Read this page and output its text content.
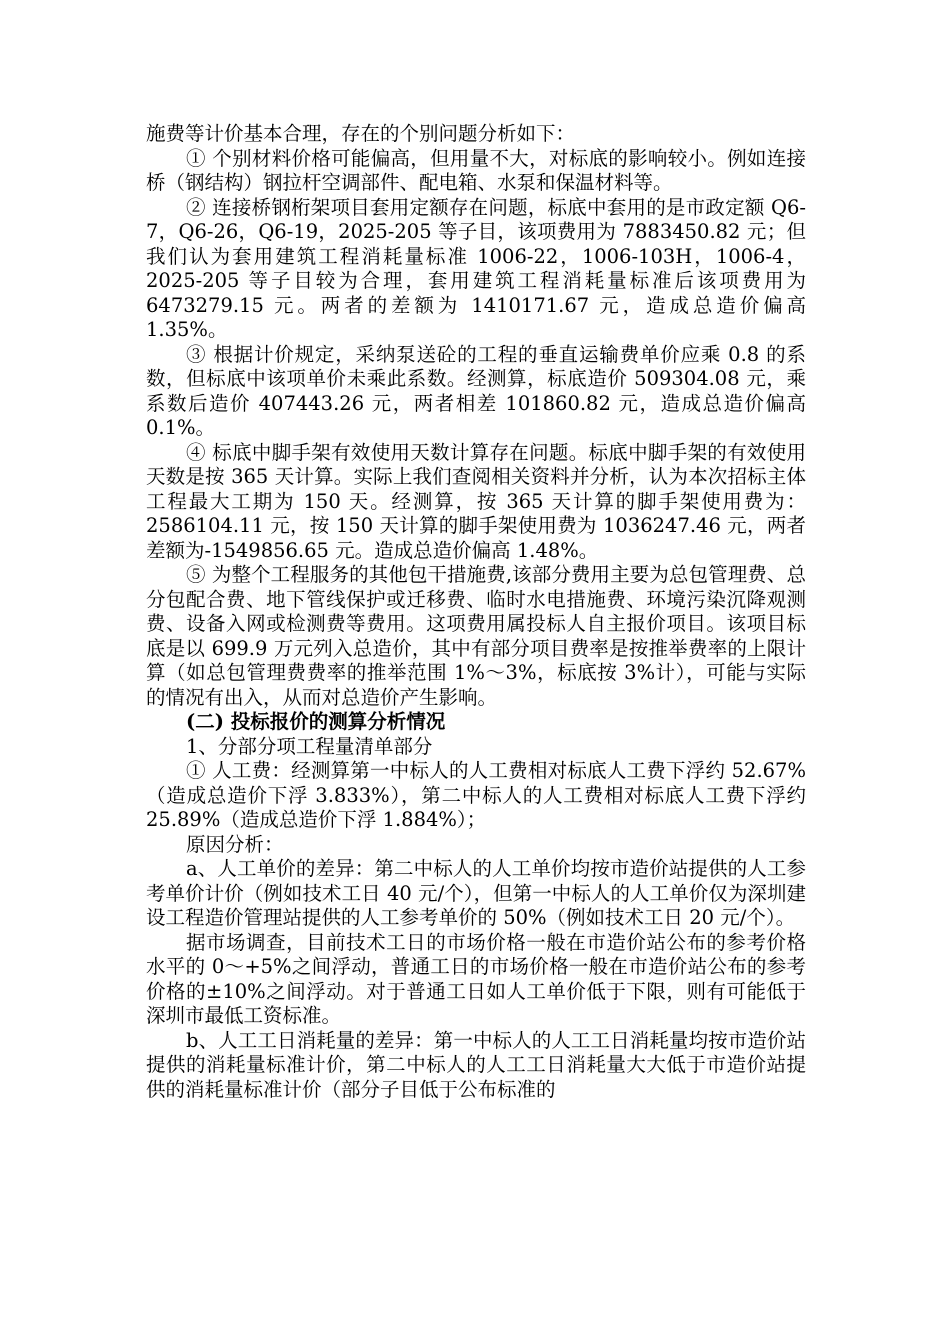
施费等计价基本合理，存在的个别问题分析如下：

① 个别材料价格可能偏高，但用量不大，对标底的影响较小。例如连接桥（钢结构）钢拉杆空调部件、配电箱、水泵和保温材料等。

② 连接桥钢桁架项目套用定额存在问题，标底中套用的是市政定额 Q6-7，Q6-26，Q6-19，2025-205 等子目，该项费用为 7883450.82 元；但我们认为套用建筑工程消耗量标准 1006-22，1006-103H，1006-4，2025-205 等子目较为合理，套用建筑工程消耗量标准后该项费用为 6473279.15 元。两者的差额为 1410171.67 元，造成总造价偏高 1.35%。

③ 根据计价规定，采纳泵送砼的工程的垂直运输费单价应乘 0.8 的系数，但标底中该项单价未乘此系数。经测算，标底造价 509304.08 元，乘系数后造价 407443.26 元，两者相差 101860.82 元，造成总造价偏高 0.1%。

④ 标底中脚手架有效使用天数计算存在问题。标底中脚手架的有效使用天数是按 365 天计算。实际上我们查阅相关资料并分析，认为本次招标主体工程最大工期为 150 天。经测算，按 365 天计算的脚手架使用费为：2586104.11 元，按 150 天计算的脚手架使用费为 1036247.46 元，两者差额为-1549856.65 元。造成总造价偏高 1.48%。

⑤ 为整个工程服务的其他包干措施费,该部分费用主要为总包管理费、总分包配合费、地下管线保护或迁移费、临时水电措施费、环境污染沉降观测费、设备入网或检测费等费用。这项费用属投标人自主报价项目。该项目标底是以 699.9 万元列入总造价，其中有部分项目费率是按推举费率的上限计算（如总包管理费费率的推举范围 1%～3%，标底按 3%计），可能与实际的情况有出入，从而对总造价产生影响。

(二) 投标报价的测算分析情况

1、分部分项工程量清单部分

① 人工费：经测算第一中标人的人工费相对标底人工费下浮约 52.67%（造成总造价下浮 3.833%），第二中标人的人工费相对标底人工费下浮约 25.89%（造成总造价下浮 1.884%）；

原因分析：

a、人工单价的差异：第二中标人的人工单价均按市造价站提供的人工参考单价计价（例如技术工日 40 元/个），但第一中标人的人工单价仅为深圳建设工程造价管理站提供的人工参考单价的 50%（例如技术工日 20 元/个）。

据市场调查，目前技术工日的市场价格一般在市造价站公布的参考价格水平的 0～+5%之间浮动，普通工日的市场价格一般在市造价站公布的参考价格的±10%之间浮动。对于普通工日如人工单价低于下限，则有可能低于深圳市最低工资标准。

b、人工工日消耗量的差异：第一中标人的人工工日消耗量均按市造价站提供的消耗量标准计价，第二中标人的人工工日消耗量大大低于市造价站提供的消耗量标准计价（部分子目低于公布标准的
